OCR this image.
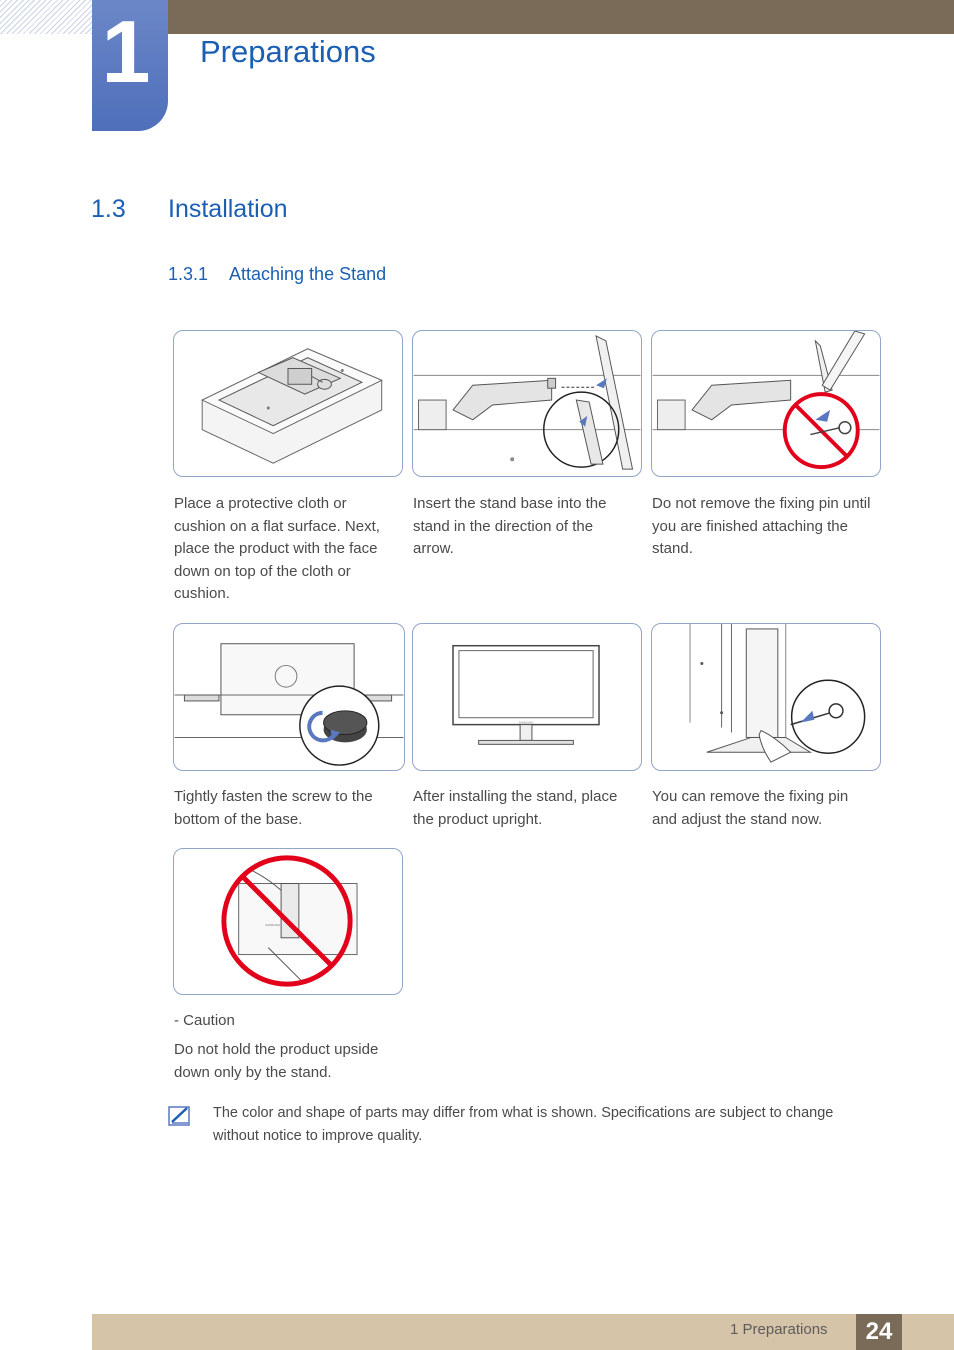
1	Preparations
1.3 Installation
1.3.1 Attaching the Stand
Place a protective cloth or cushion on a flat surface. Next, place the product with the face down on top of the cloth or cushion.
Insert the stand base into the stand in the direction of the arrow.
Do not remove the fixing pin until you are finished attaching the stand.
SAMSUNG
Tightly fasten the screw to the bottom of the base.
After installing the stand, place the product upright.
You can remove the fixing pin and adjust the stand now.
SAMSUNG
- Caution
Do not hold the product upside down only by the stand.
The color and shape of parts may differ from what is shown. Specifications are subject to change without notice to improve quality.
1 Preparations	24
